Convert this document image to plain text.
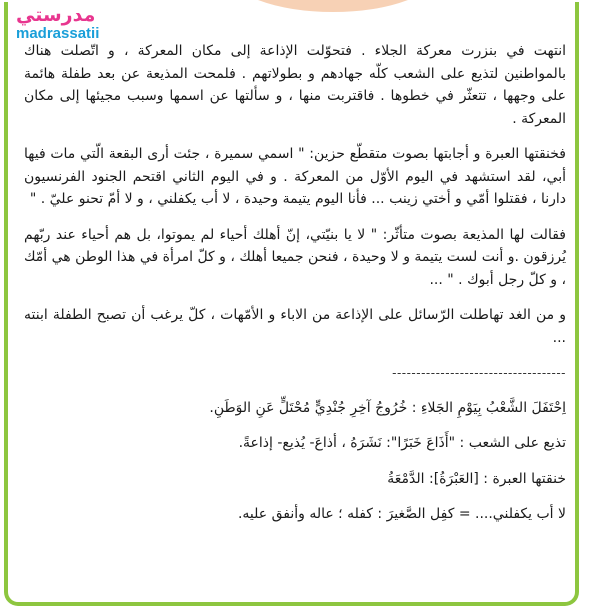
مدرستي
madrassatii

انتهت في بنزرت معركة الجلاء . فتحوّلت الإذاعة إلى مكان المعركة ، و اتّصلت هناك بالمواطنين لتذيع على الشعب كلّه جهادهم و بطولاتهم . فلمحت المذيعة عن بعد طفلة هائمة على وجهها ، تتعثّر في خطوها . فاقتربت منها ، و سألتها عن اسمها وسبب مجيئها إلى مكان المعركة .

فخنقتها العبرة و أجابتها بصوت متقطّع حزين: " اسمي سميرة ، جئت أرى البقعة الّتي مات فيها أبي، لقد استشهد في اليوم الأوّل من المعركة . و في اليوم الثاني اقتحم الجنود الفرنسيون دارنا ، فقتلوا أمّي و أختي زينب ... فأنا اليوم يتيمة وحيدة ، لا أب يكفلني ، و لا أمّ تحنو عليّ . "

فقالت لها المذيعة بصوت متأثّر: " لا يا بنيّتي، إنّ أهلك أحياء لم يموتوا، بل هم أحياء عند ربّهم يُرزقون .و أنت لست يتيمة و لا وحيدة ، فنحن جميعا أهلك ، و كلّ امرأة في هذا الوطن هي أمّك ، و كلّ رجل أبوك . " ...

و من الغد تهاطلت الرّسائل على الإذاعة من الاباء و الأمّهات ، كلّ يرغب أن تصبح الطفلة ابنته ...

------------------------------------

اِحْتَفَلَ الشَّعْبُ بِيَوْمِ الجَلاءِ : خُرُوجُ آخِرِ جُنْدِيٍّ مُحْتَلٍّ عَنِ الوَطَنِ.

تذيع على الشعب : "أَذَاعَ خَبَرًا": نَشَرَهُ ، أذاعَ- يُذيع- إذاعةً.

خنقتها العبرة : [العَبْرَةُ]: الدَّمْعَةُ

لا أب يكفلني.... = كفِل الصَّغيرَ : كفله ؛ عاله وأنفق عليه.
